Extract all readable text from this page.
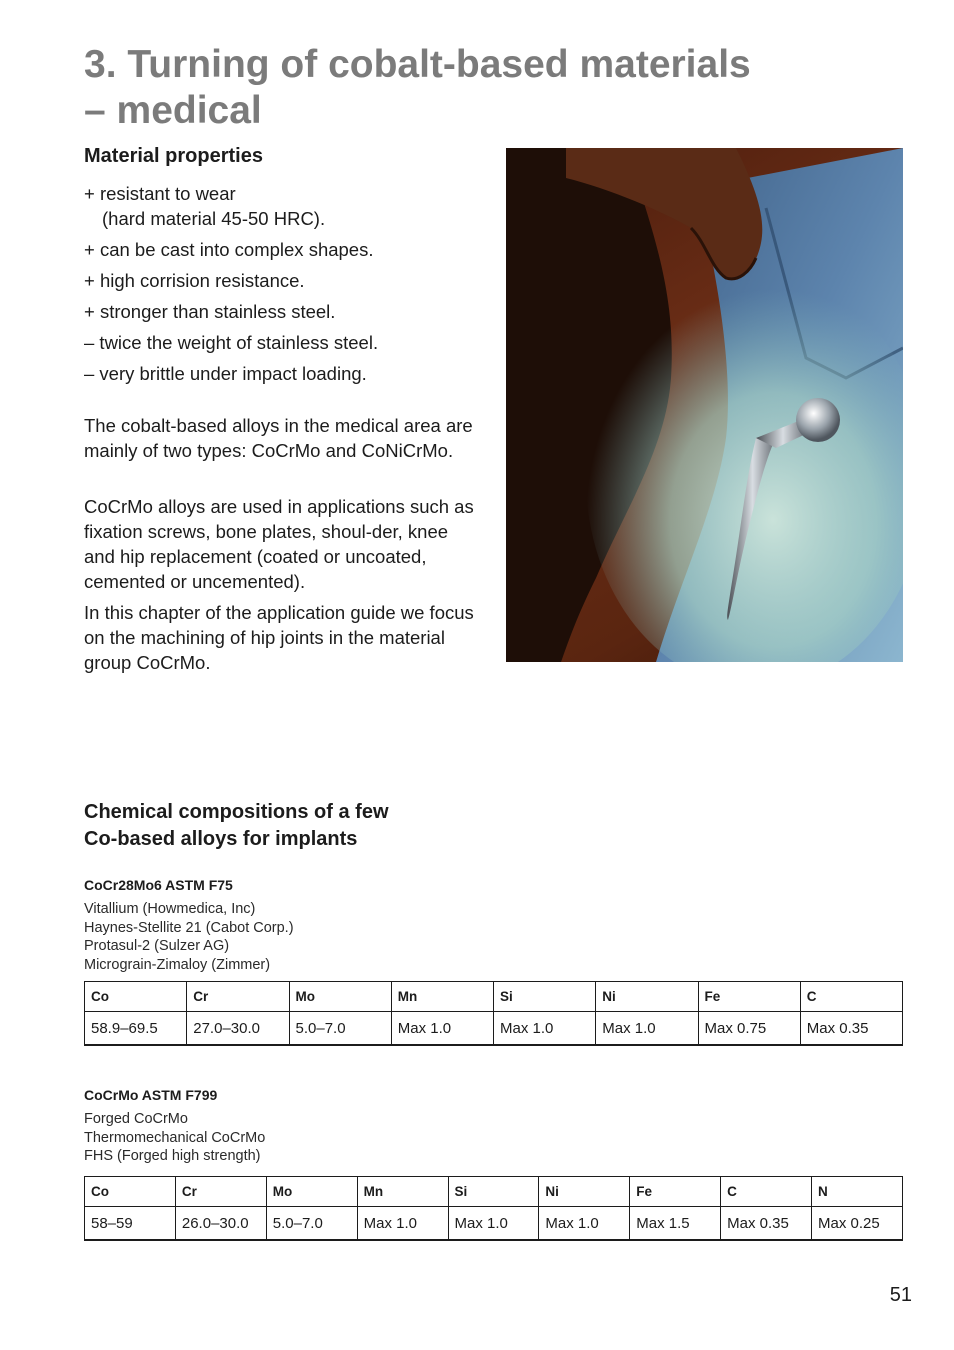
3. Turning of cobalt-based materials
– medical
Material properties
+ resistant to wear
(hard material 45-50 HRC).
+ can be cast into complex shapes.
+ high corrision resistance.
+ stronger than stainless steel.
– twice the weight of stainless steel.
– very brittle under impact loading.

The cobalt-based alloys in the medical area are mainly of two types: CoCrMo and CoNiCrMo.

CoCrMo alloys are used in applications such as fixation screws, bone plates, shoul-der, knee and hip replacement (coated or uncoated, cemented or uncemented).

In this chapter of the application guide we focus on the machining of hip joints in the material group CoCrMo.

Chemical compositions of a few
Co-based alloys for implants

CoCr28Mo6 ASTM F75

Vitallium (Howmedica, Inc)
Haynes-Stellite 21 (Cabot Corp.)
Protasul-2 (Sulzer AG)
Micrograin-Zimaloy (Zimmer)
Co	Cr	Mo	Mn	Si	Ni	Fe	C
58.9–69.5	27.0–30.0	5.0–7.0	Max 1.0	Max 1.0	Max 1.0	Max 0.75	Max 0.35

CoCrMo ASTM F799

Forged CoCrMo
Thermomechanical CoCrMo
FHS (Forged high strength)
Co	Cr	Mo	Mn	Si	Ni	Fe	C	N
58–59	26.0–30.0	5.0–7.0	Max 1.0	Max 1.0	Max 1.0	Max 1.5	Max 0.35	Max 0.25

51
